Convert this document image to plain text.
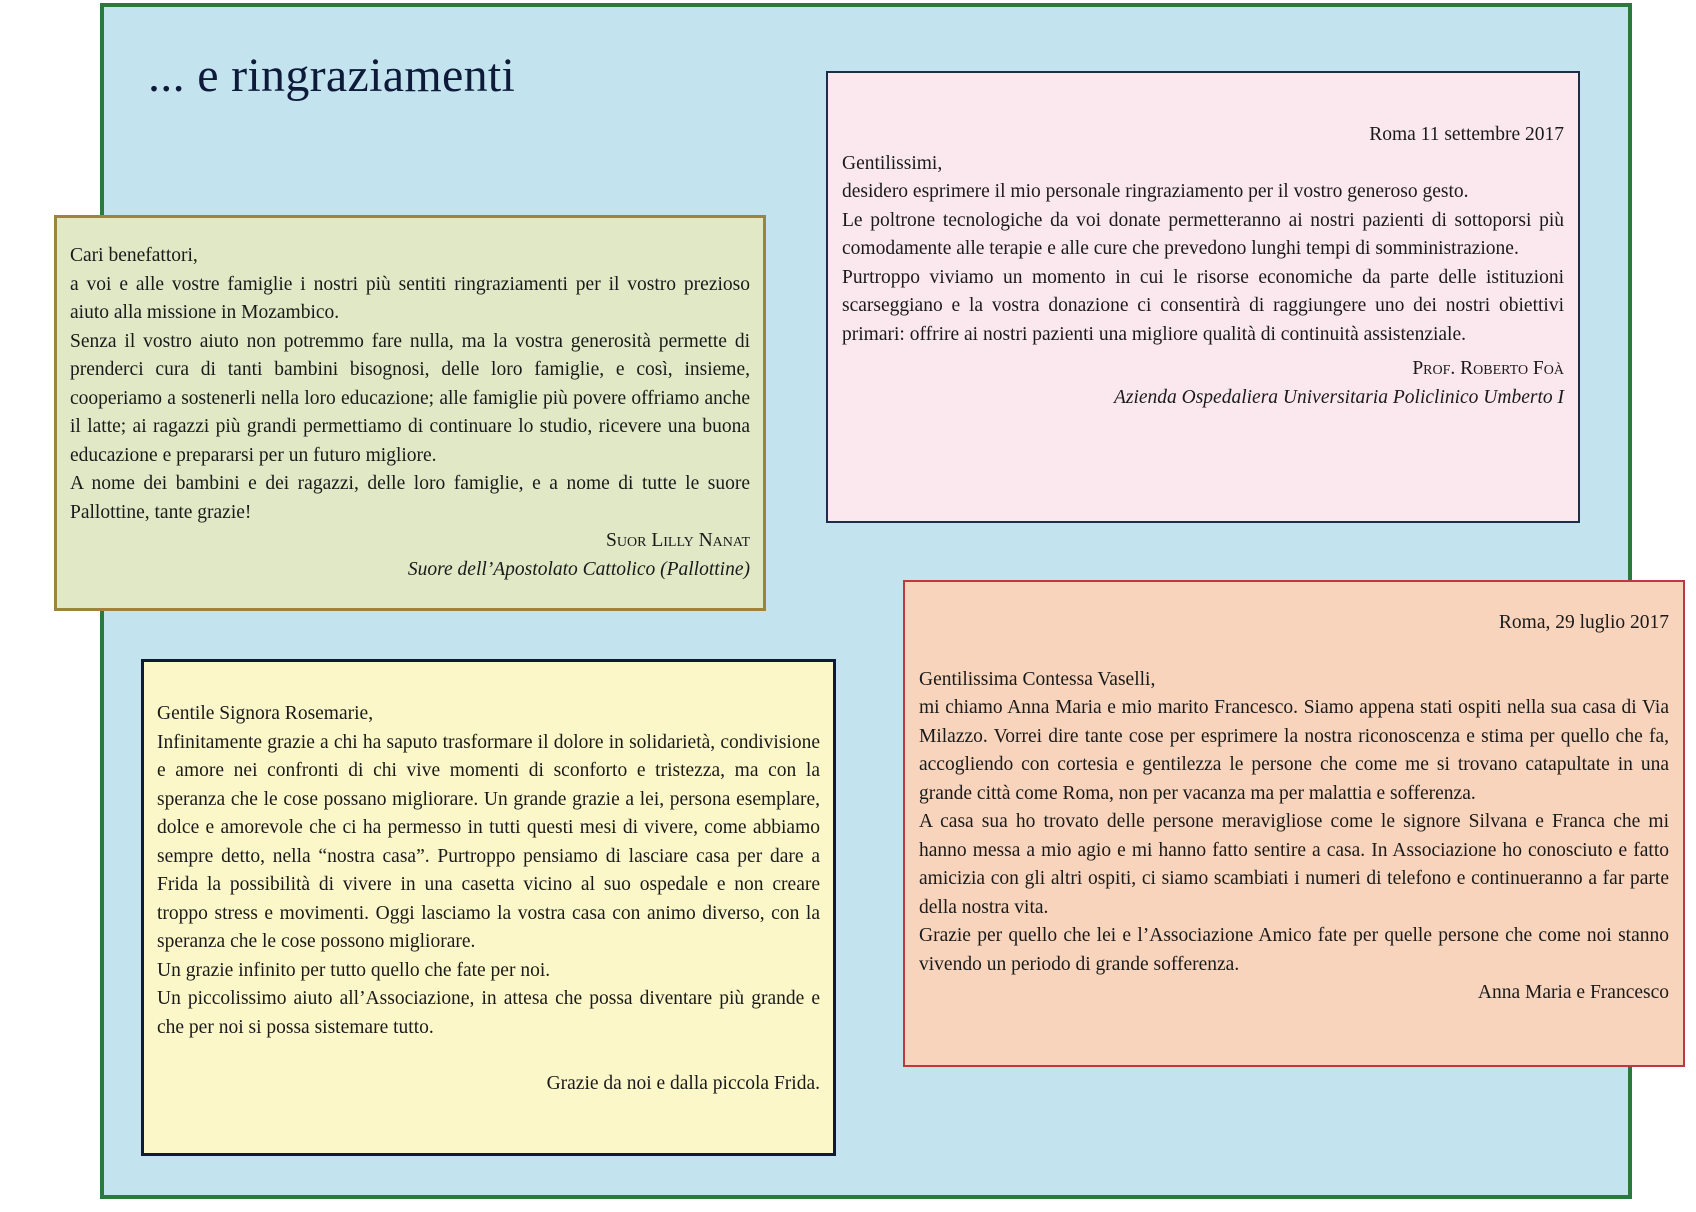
... e ringraziamenti

Cari benefattori,

a voi e alle vostre famiglie i nostri più sentiti ringraziamenti per il vostro prezioso aiuto alla missione in Mozambico.

Senza il vostro aiuto non potremmo fare nulla, ma la vostra generosità permette di prenderci cura di tanti bambini bisognosi, delle loro famiglie, e così, insieme, cooperiamo a sostenerli nella loro educazione; alle famiglie più povere offriamo anche il latte; ai ragazzi più grandi permettiamo di continuare lo studio, ricevere una buona educazione e prepararsi per un futuro migliore.

A nome dei bambini e dei ragazzi, delle loro famiglie, e a nome di tutte le suore Pallottine, tante grazie!

Suor Lilly Nanat

Suore dell’Apostolato Cattolico (Pallottine)

Roma 11 settembre 2017

Gentilissimi,

desidero esprimere il mio personale ringraziamento per il vostro generoso gesto.

Le poltrone tecnologiche da voi donate permetteranno ai nostri pazienti di sottoporsi più comodamente alle terapie e alle cure che prevedono lunghi tempi di somministrazione.

Purtroppo viviamo un momento in cui le risorse economiche da parte delle istituzioni scarseggiano e la vostra donazione ci consentirà di raggiungere uno dei nostri obiettivi primari: offrire ai nostri pazienti una migliore qualità di continuità assistenziale.

Prof. Roberto Foà

Azienda Ospedaliera Universitaria Policlinico Umberto I

Gentile Signora Rosemarie,

Infinitamente grazie a chi ha saputo trasformare il dolore in solidarietà, condivisione e amore nei confronti di chi vive momenti di sconforto e tristezza, ma con la speranza che le cose possano migliorare. Un grande grazie a lei, persona esemplare, dolce e amorevole che ci ha permesso in tutti questi mesi di vivere, come abbiamo sempre detto, nella “nostra casa”. Purtroppo pensiamo di lasciare casa per dare a Frida la possibilità di vivere in una casetta vicino al suo ospedale e non creare troppo stress e movimenti. Oggi lasciamo la vostra casa con animo diverso, con la speranza che le cose possono migliorare.

Un grazie infinito per tutto quello che fate per noi.

Un piccolissimo aiuto all’Associazione, in attesa che possa diventare più grande e che per noi si possa sistemare tutto.

Grazie da noi e dalla piccola Frida.

Roma, 29 luglio 2017

Gentilissima Contessa Vaselli,

mi chiamo Anna Maria e mio marito Francesco. Siamo appena stati ospiti nella sua casa di Via Milazzo. Vorrei dire tante cose per esprimere la nostra riconoscenza e stima per quello che fa, accogliendo con cortesia e gentilezza le persone che come me si trovano catapultate in una grande città come Roma, non per vacanza ma per malattia e sofferenza.

A casa sua ho trovato delle persone meravigliose come le signore Silvana e Franca che mi hanno messa a mio agio e mi hanno fatto sentire a casa. In Associazione ho conosciuto e fatto amicizia con gli altri ospiti, ci siamo scambiati i numeri di telefono e continueranno a far parte della nostra vita.

Grazie per quello che lei e l’Associazione Amico fate per quelle persone che come noi stanno vivendo un periodo di grande sofferenza.

Anna Maria e Francesco
